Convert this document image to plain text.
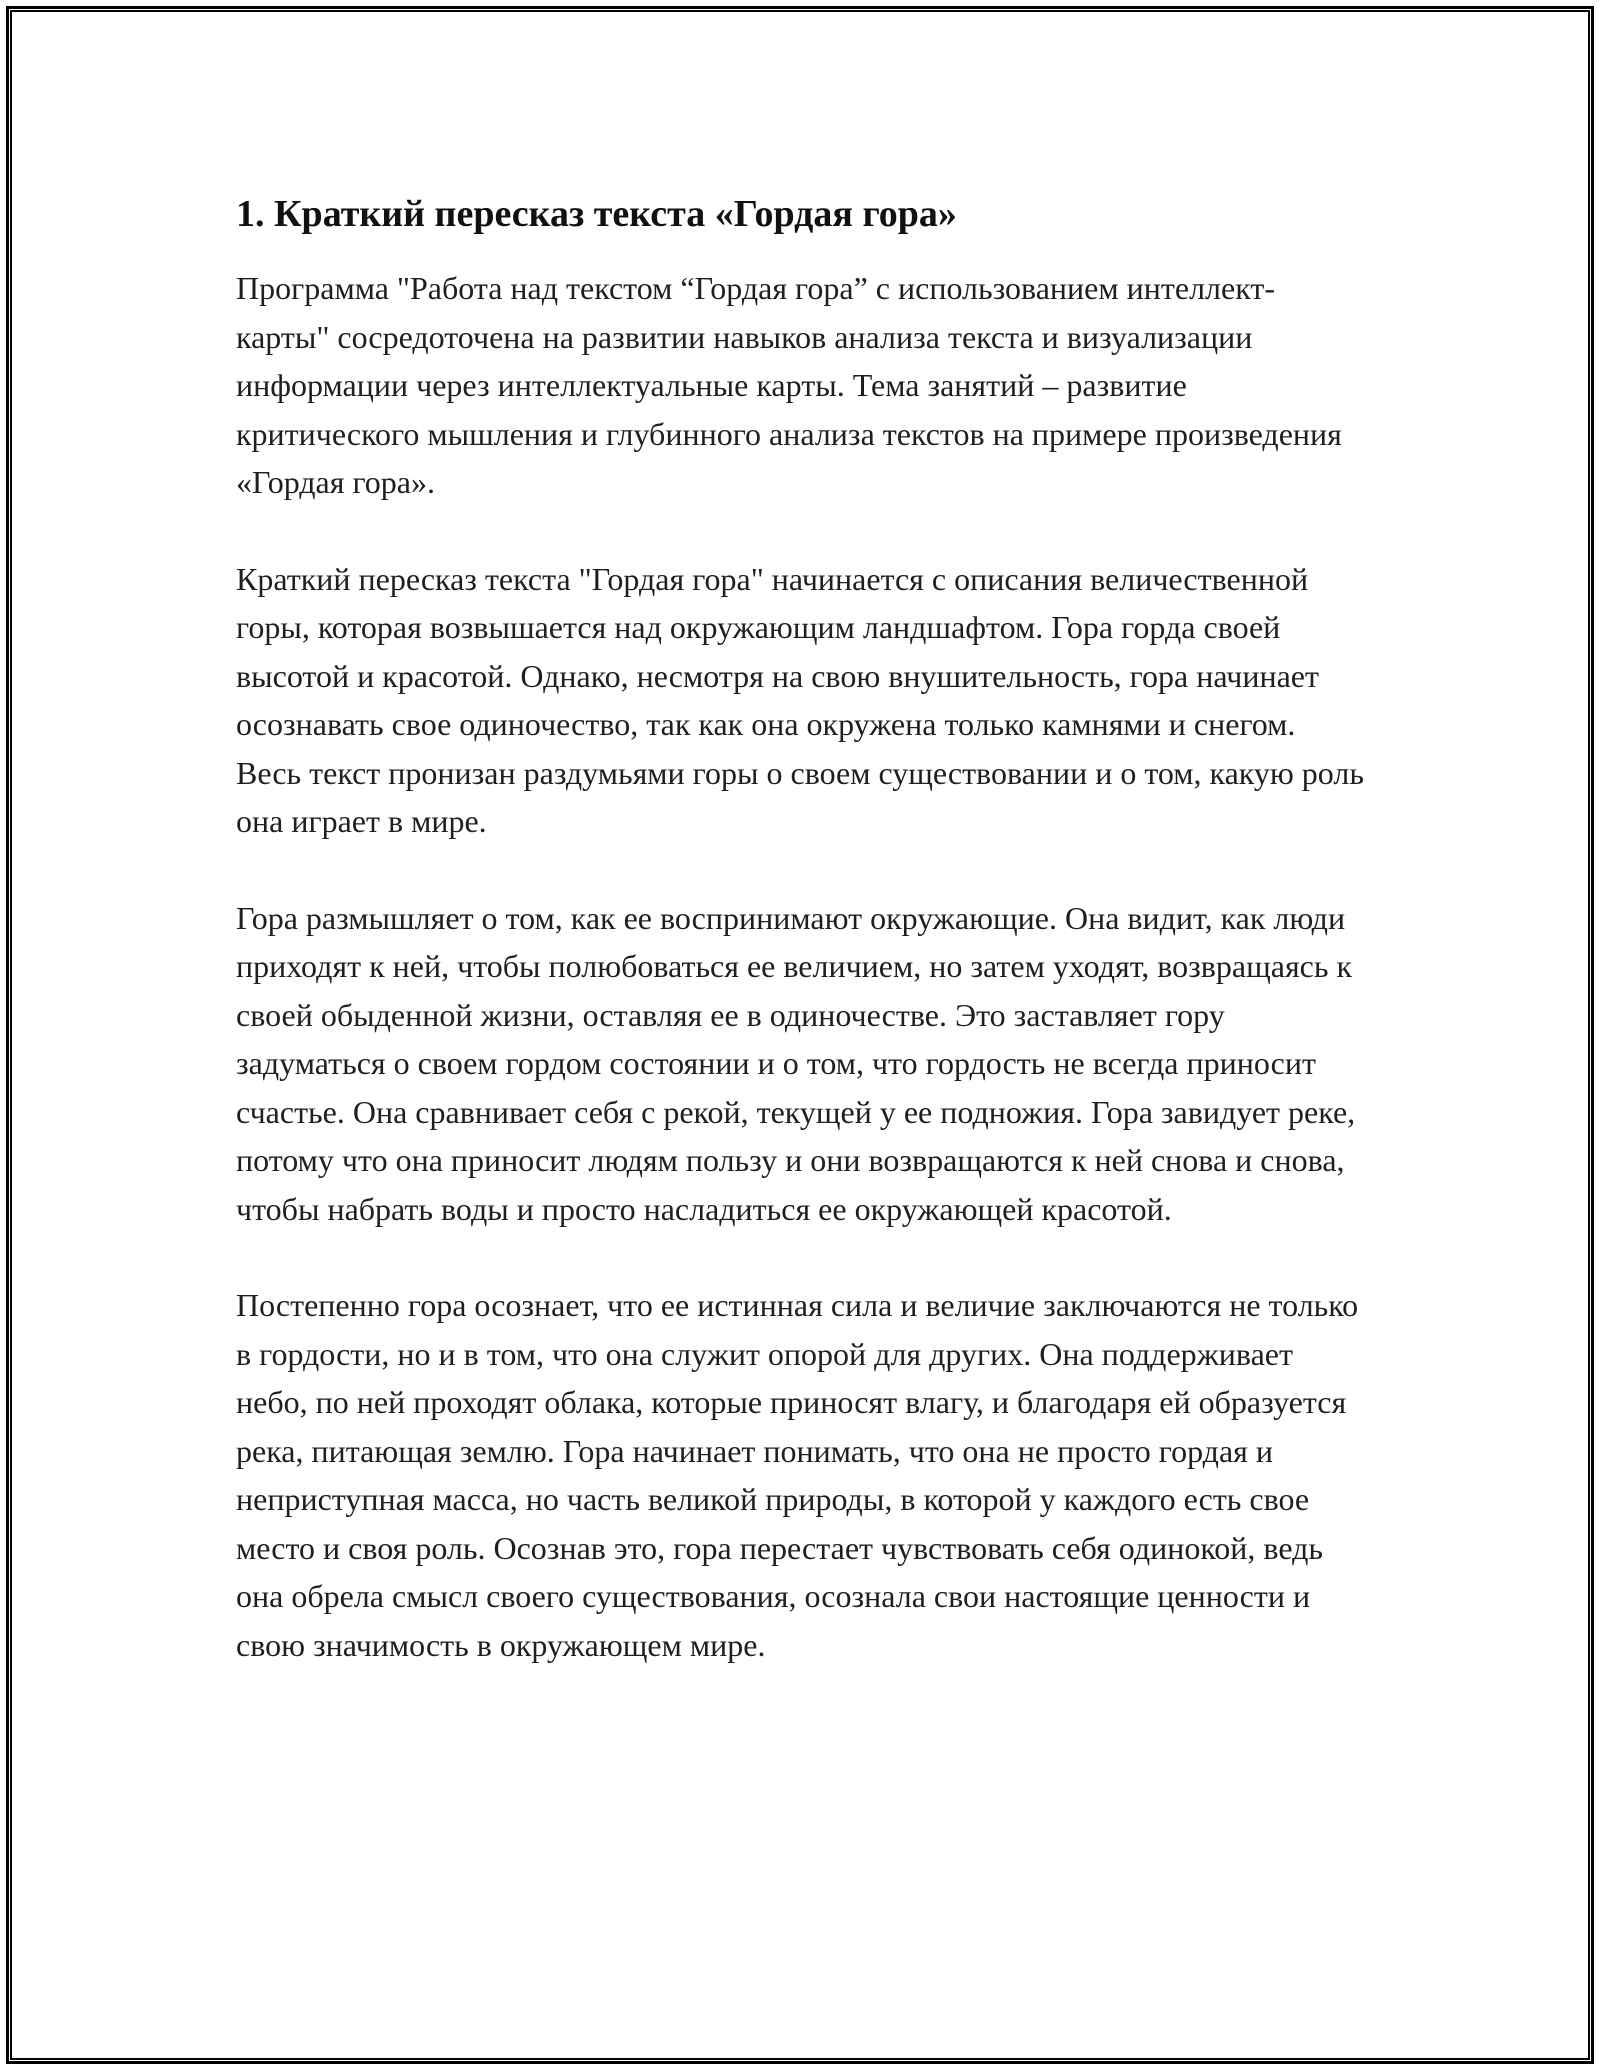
1. Краткий пересказ текста «Гордая гора»

Программа "Работа над текстом “Гордая гора” с использованием интеллект-карты" сосредоточена на развитии навыков анализа текста и визуализации информации через интеллектуальные карты. Тема занятий – развитие критического мышления и глубинного анализа текстов на примере произведения «Гордая гора».

Краткий пересказ текста "Гордая гора" начинается с описания величественной горы, которая возвышается над окружающим ландшафтом. Гора горда своей высотой и красотой. Однако, несмотря на свою внушительность, гора начинает осознавать свое одиночество, так как она окружена только камнями и снегом. Весь текст пронизан раздумьями горы о своем существовании и о том, какую роль она играет в мире.

Гора размышляет о том, как ее воспринимают окружающие. Она видит, как люди приходят к ней, чтобы полюбоваться ее величием, но затем уходят, возвращаясь к своей обыденной жизни, оставляя ее в одиночестве. Это заставляет гору задуматься о своем гордом состоянии и о том, что гордость не всегда приносит счастье. Она сравнивает себя с рекой, текущей у ее подножия. Гора завидует реке, потому что она приносит людям пользу и они возвращаются к ней снова и снова, чтобы набрать воды и просто насладиться ее окружающей красотой.

Постепенно гора осознает, что ее истинная сила и величие заключаются не только в гордости, но и в том, что она служит опорой для других. Она поддерживает небо, по ней проходят облака, которые приносят влагу, и благодаря ей образуется река, питающая землю. Гора начинает понимать, что она не просто гордая и неприступная масса, но часть великой природы, в которой у каждого есть свое место и своя роль. Осознав это, гора перестает чувствовать себя одинокой, ведь она обрела смысл своего существования, осознала свои настоящие ценности и свою значимость в окружающем мире.
